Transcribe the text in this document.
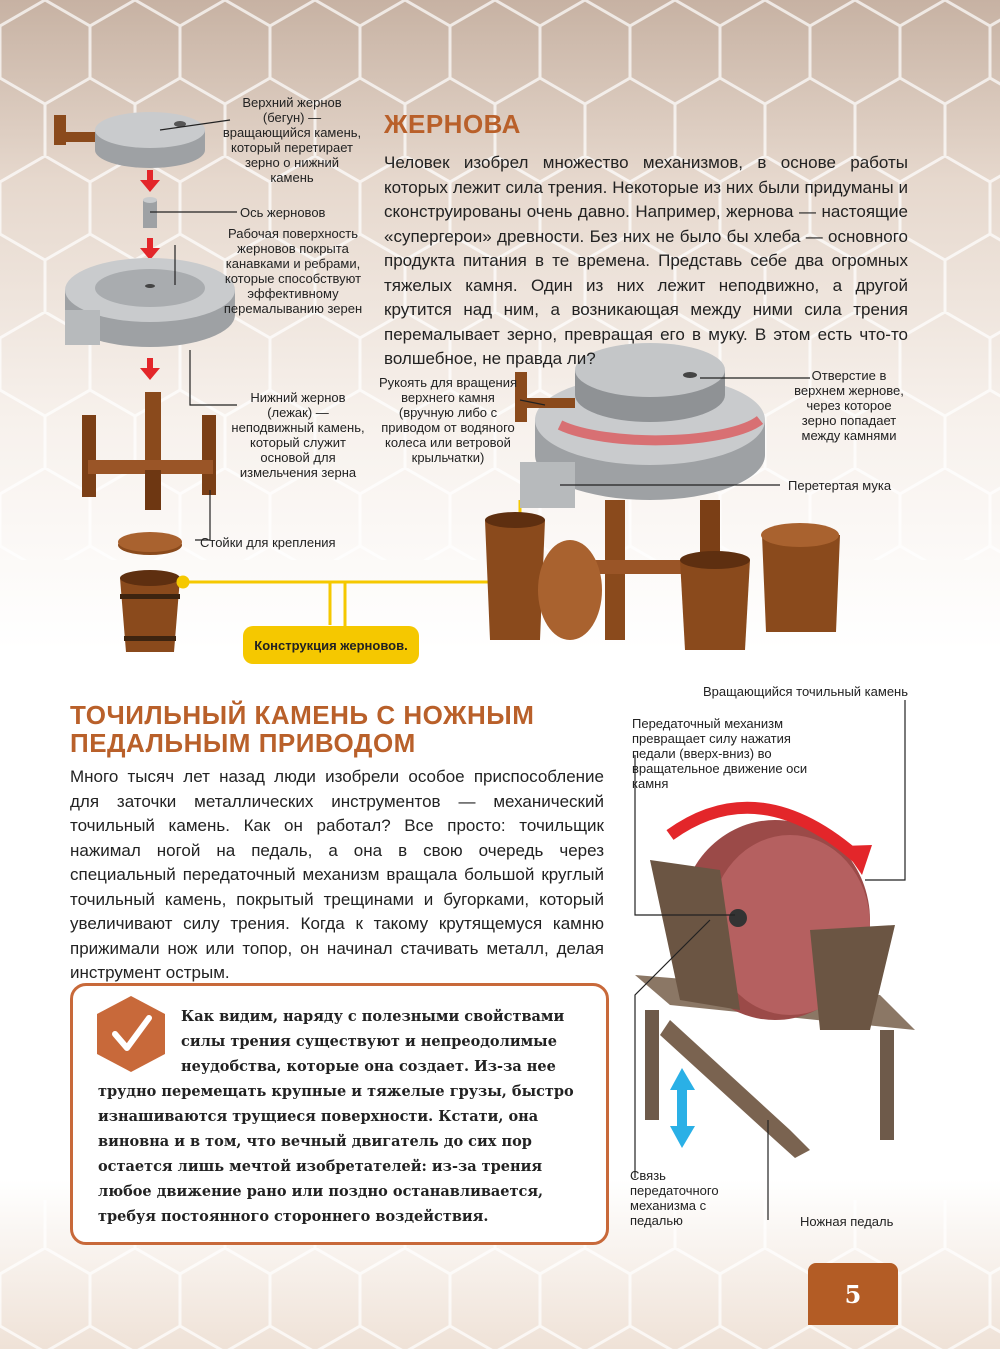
Верхний жернов (бегун) — вращающийся камень, который перетирает зерно о нижний камень
Ось жерновов
Рабочая поверхность жерновов покрыта канавками и ребрами, которые способствуют эффективному перемалыванию зерен
Нижний жернов (лежак) — неподвижный камень, который служит основой для измельчения зерна
Стойки для крепления
Конструкция жерновов.
ЖЕРНОВА
Человек изобрел множество механизмов, в основе работы которых лежит сила трения. Некоторые из них были придуманы и сконструированы очень давно. Например, жернова — настоящие «супергерои» древности. Без них не было бы хлеба — основного продукта питания в те времена. Представь себе два огромных тяжелых камня. Один из них лежит неподвижно, а другой крутится над ним, а возникающая между ними сила трения перемалывает зерно, превращая его в муку. В этом есть что-то волшебное, не правда ли?
Рукоять для вращения верхнего камня (вручную либо с приводом от водяного колеса или ветровой крыльчатки)
Отверстие в верхнем жернове, через которое зерно попадает между камнями
Перетертая мука
ТОЧИЛЬНЫЙ КАМЕНЬ С НОЖНЫМ ПЕДАЛЬНЫМ ПРИВОДОМ
Много тысяч лет назад люди изобрели особое приспособление для заточки металлических инструментов — механический точильный камень. Как он работал? Все просто: точильщик нажимал ногой на педаль, а она в свою очередь через специальный передаточный механизм вращала большой круглый точильный камень, покрытый трещинами и бугорками, который увеличивают силу трения. Когда к такому крутящемуся камню прижимали нож или топор, он начинал стачивать металл, делая инструмент острым.
Вращающийся точильный камень
Передаточный механизм превращает силу нажатия педали (вверх-вниз) во вращательное движение оси камня
Связь передаточного механизма с педалью	Ножная педаль
Как видим, наряду с полезными свойствами силы трения существуют и непреодолимые неудобства, которые она создает. Из-за нее
трудно перемещать крупные и тяжелые грузы, быстро изнашиваются трущиеся поверхности. Кстати, она виновна и в том, что вечный двигатель до сих пор остается лишь мечтой изобретателей: из-за трения любое движение рано или поздно останавливается, требуя постоянного стороннего воздействия.
5
